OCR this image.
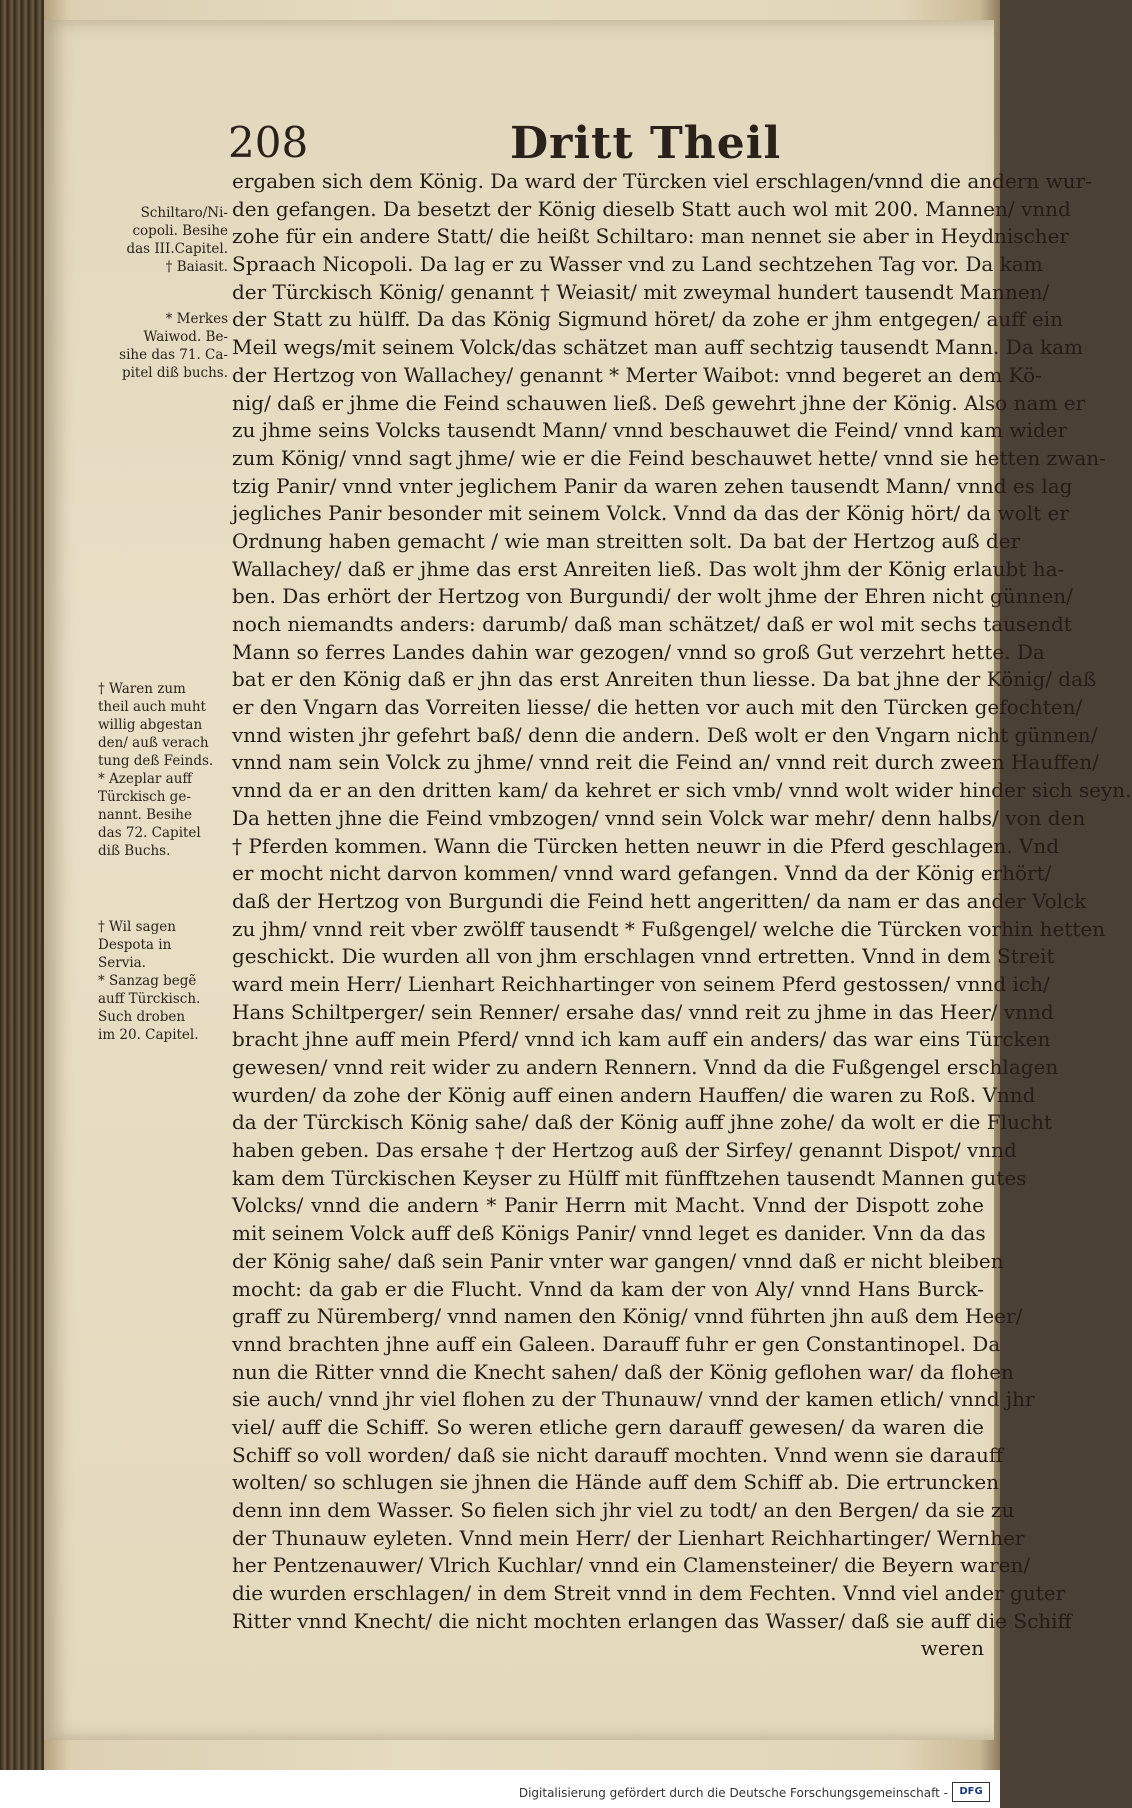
208	Dritt Theil
ergaben sich dem König. Da ward der Türcken viel erschlagen/vnnd die andern wur-
den gefangen. Da besetzt der König dieselb Statt auch wol mit 200. Mannen/ vnnd
zohe für ein andere Statt/ die heißt Schiltaro: man nennet sie aber in Heydnischer
Spraach Nicopoli. Da lag er zu Wasser vnd zu Land sechtzehen Tag vor. Da kam
der Türckisch König/ genannt † Weiasit/ mit zweymal hundert tausendt Mannen/
der Statt zu hülff. Da das König Sigmund höret/ da zohe er jhm entgegen/ auff ein
Meil wegs/mit seinem Volck/das schätzet man auff sechtzig tausendt Mann. Da kam
der Hertzog von Wallachey/ genannt * Merter Waibot: vnnd begeret an dem Kö-
nig/ daß er jhme die Feind schauwen ließ. Deß gewehrt jhne der König. Also nam er
zu jhme seins Volcks tausendt Mann/ vnnd beschauwet die Feind/ vnnd kam wider
zum König/ vnnd sagt jhme/ wie er die Feind beschauwet hette/ vnnd sie hetten zwan-
tzig Panir/ vnnd vnter jeglichem Panir da waren zehen tausendt Mann/ vnnd es lag
jegliches Panir besonder mit seinem Volck. Vnnd da das der König hört/ da wolt er
Ordnung haben gemacht / wie man streitten solt. Da bat der Hertzog auß der
Wallachey/ daß er jhme das erst Anreiten ließ. Das wolt jhm der König erlaubt ha-
ben. Das erhört der Hertzog von Burgundi/ der wolt jhme der Ehren nicht günnen/
noch niemandts anders: darumb/ daß man schätzet/ daß er wol mit sechs tausendt
Mann so ferres Landes dahin war gezogen/ vnnd so groß Gut verzehrt hette. Da
bat er den König daß er jhn das erst Anreiten thun liesse. Da bat jhne der König/ daß
er den Vngarn das Vorreiten liesse/ die hetten vor auch mit den Türcken gefochten/
vnnd wisten jhr gefehrt baß/ denn die andern. Deß wolt er den Vngarn nicht günnen/
vnnd nam sein Volck zu jhme/ vnnd reit die Feind an/ vnnd reit durch zween Hauffen/
vnnd da er an den dritten kam/ da kehret er sich vmb/ vnnd wolt wider hinder sich seyn.
Da hetten jhne die Feind vmbzogen/ vnnd sein Volck war mehr/ denn halbs/ von den
† Pferden kommen. Wann die Türcken hetten neuwr in die Pferd geschlagen. Vnd
er mocht nicht darvon kommen/ vnnd ward gefangen. Vnnd da der König erhört/
daß der Hertzog von Burgundi die Feind hett angeritten/ da nam er das ander Volck
zu jhm/ vnnd reit vber zwölff tausendt * Fußgengel/ welche die Türcken vorhin hetten
geschickt. Die wurden all von jhm erschlagen vnnd ertretten. Vnnd in dem Streit
ward mein Herr/ Lienhart Reichhartinger von seinem Pferd gestossen/ vnnd ich/
Hans Schiltperger/ sein Renner/ ersahe das/ vnnd reit zu jhme in das Heer/ vnnd
bracht jhne auff mein Pferd/ vnnd ich kam auff ein anders/ das war eins Türcken
gewesen/ vnnd reit wider zu andern Rennern. Vnnd da die Fußgengel erschlagen
wurden/ da zohe der König auff einen andern Hauffen/ die waren zu Roß. Vnnd
da der Türckisch König sahe/ daß der König auff jhne zohe/ da wolt er die Flucht
haben geben. Das ersahe † der Hertzog auß der Sirfey/ genannt Dispot/ vnnd
kam dem Türckischen Keyser zu Hülff mit fünfftzehen tausendt Mannen gutes
Volcks/ vnnd die andern * Panir Herrn mit Macht. Vnnd der Dispott zohe
mit seinem Volck auff deß Königs Panir/ vnnd leget es danider. Vnn da das
der König sahe/ daß sein Panir vnter war gangen/ vnnd daß er nicht bleiben
mocht: da gab er die Flucht. Vnnd da kam der von Aly/ vnnd Hans Burck-
graff zu Nüremberg/ vnnd namen den König/ vnnd führten jhn auß dem Heer/
vnnd brachten jhne auff ein Galeen. Darauff fuhr er gen Constantinopel. Da
nun die Ritter vnnd die Knecht sahen/ daß der König geflohen war/ da flohen
sie auch/ vnnd jhr viel flohen zu der Thunauw/ vnnd der kamen etlich/ vnnd jhr
viel/ auff die Schiff. So weren etliche gern darauff gewesen/ da waren die
Schiff so voll worden/ daß sie nicht darauff mochten. Vnnd wenn sie darauff
wolten/ so schlugen sie jhnen die Hände auff dem Schiff ab. Die ertruncken
denn inn dem Wasser. So fielen sich jhr viel zu todt/ an den Bergen/ da sie zu
der Thunauw eyleten. Vnnd mein Herr/ der Lienhart Reichhartinger/ Wernher
her Pentzenauwer/ Vlrich Kuchlar/ vnnd ein Clamensteiner/ die Beyern waren/
die wurden erschlagen/ in dem Streit vnnd in dem Fechten. Vnnd viel ander guter
Ritter vnnd Knecht/ die nicht mochten erlangen das Wasser/ daß sie auff die Schiff
weren
Schiltaro/Ni-
copoli. Besihe
das III.Capitel.
† Baiasit.
* Merkes
Waiwod. Be-
sihe das 71. Ca-
pitel diß buchs.
† Waren zum
theil auch muht
willig abgestan
den/ auß verach
tung deß Feinds.
* Azeplar auff
Türckisch ge-
nannt. Besihe
das 72. Capitel
diß Buchs.
† Wil sagen
Despota in
Servia.
* Sanzag begẽ
auff Türckisch.
Such droben
im 20. Capitel.
Digitalisierung gefördert durch die Deutsche Forschungsgemeinschaft -	DFG
